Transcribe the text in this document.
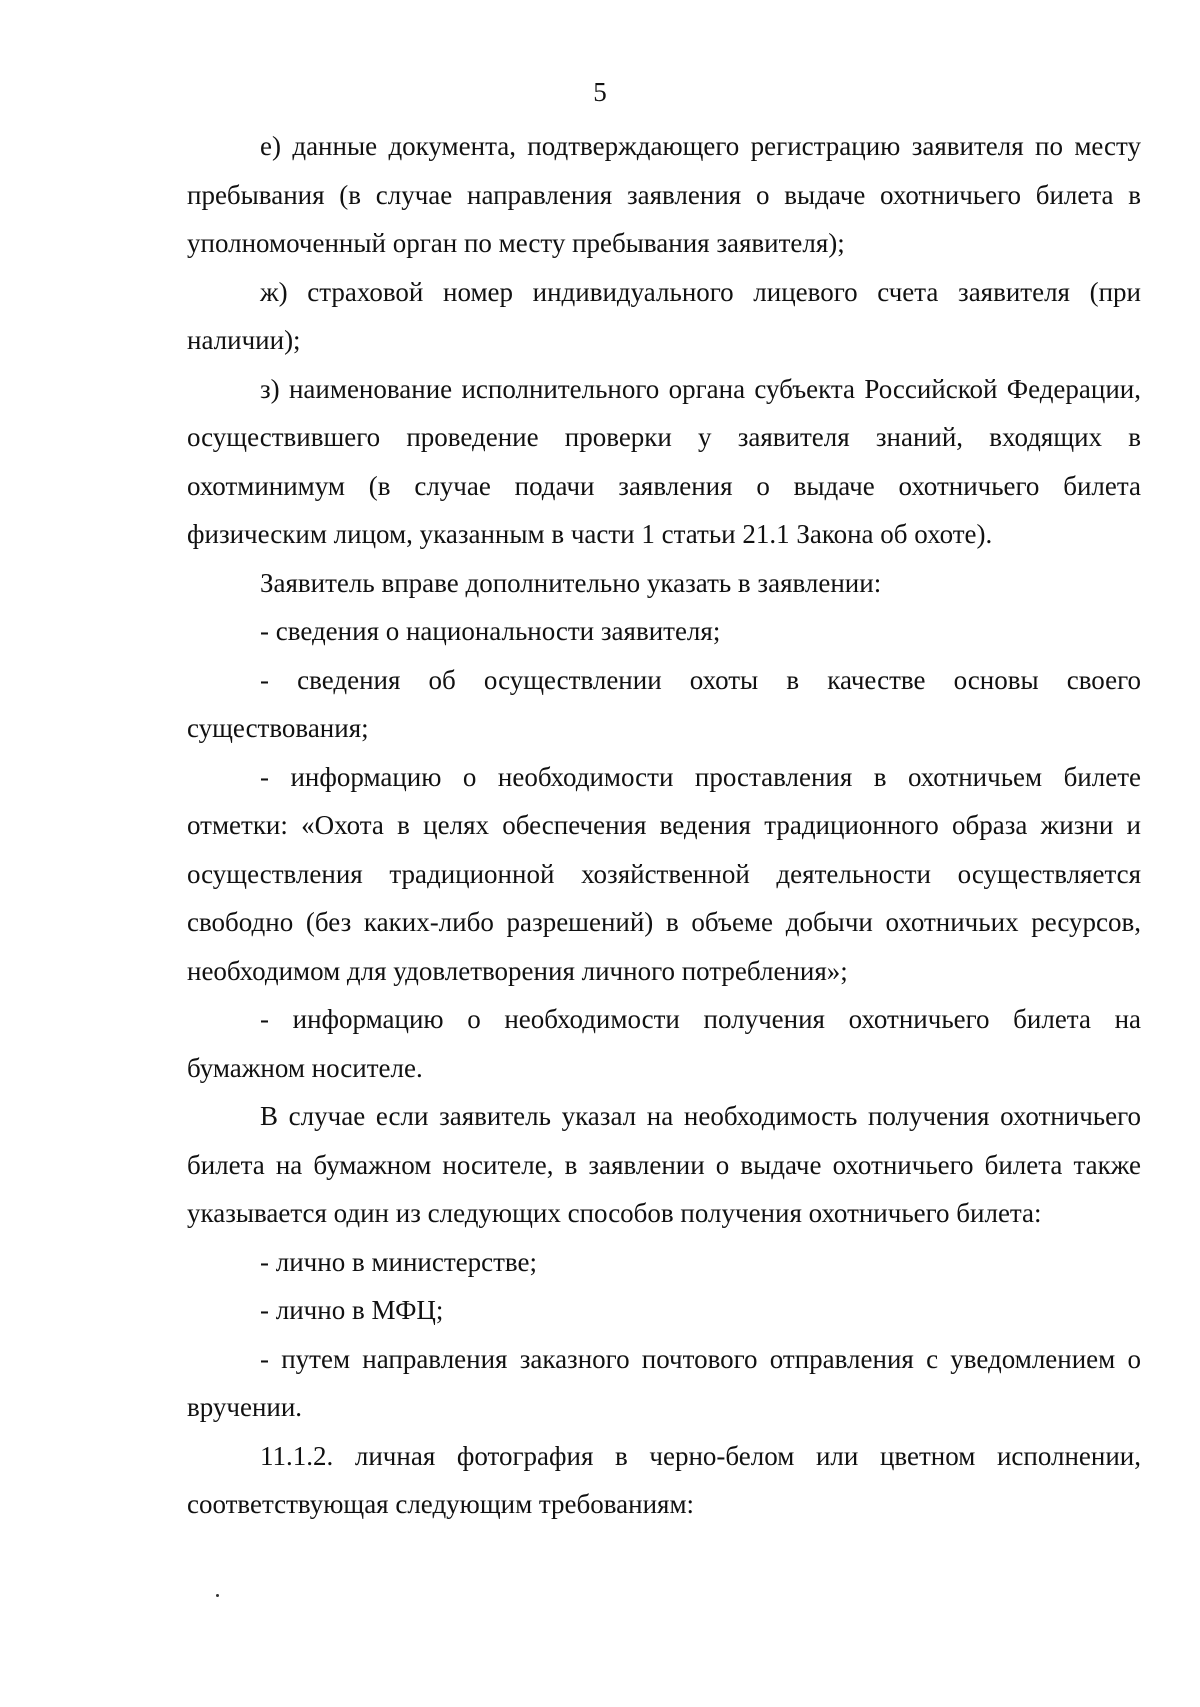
5

е) данные документа, подтверждающего регистрацию заявителя по месту пребывания (в случае направления заявления о выдаче охотничьего билета в уполномоченный орган по месту пребывания заявителя);

ж) страховой номер индивидуального лицевого счета заявителя (при наличии);

з) наименование исполнительного органа субъекта Российской Федерации, осуществившего проведение проверки у заявителя знаний, входящих в охотминимум (в случае подачи заявления о выдаче охотничьего билета физическим лицом, указанным в части 1 статьи 21.1 Закона об охоте).

Заявитель вправе дополнительно указать в заявлении:

- сведения о национальности заявителя;

- сведения об осуществлении охоты в качестве основы своего существования;

- информацию о необходимости проставления в охотничьем билете отметки: «Охота в целях обеспечения ведения традиционного образа жизни и осуществления традиционной хозяйственной деятельности осуществляется свободно (без каких-либо разрешений) в объеме добычи охотничьих ресурсов, необходимом для удовлетворения личного потребления»;

- информацию о необходимости получения охотничьего билета на бумажном носителе.

В случае если заявитель указал на необходимость получения охотничьего билета на бумажном носителе, в заявлении о выдаче охотничьего билета также указывается один из следующих способов получения охотничьего билета:

- лично в министерстве;

- лично в МФЦ;

- путем направления заказного почтового отправления с уведомлением о вручении.

11.1.2. личная фотография в черно-белом или цветном исполнении, соответствующая следующим требованиям:
